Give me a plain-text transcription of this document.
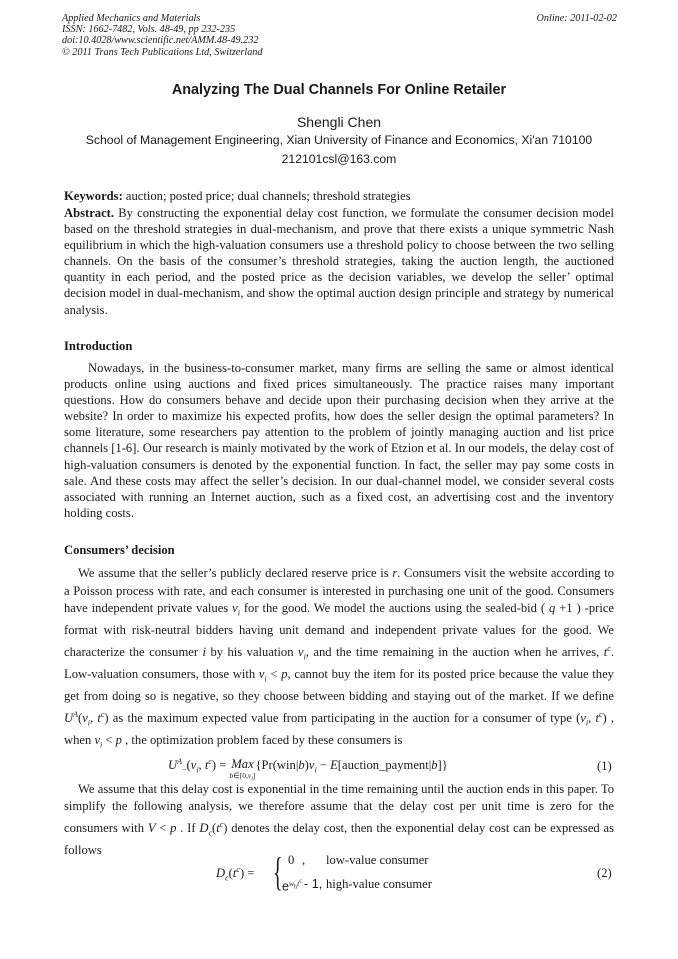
Applied Mechanics and Materials
ISSN: 1662-7482, Vols. 48-49, pp 232-235
doi:10.4028/www.scientific.net/AMM.48-49.232
© 2011 Trans Tech Publications Ltd, Switzerland
Online: 2011-02-02
Analyzing The Dual Channels For Online Retailer
Shengli Chen
School of Management Engineering, Xian University of Finance and Economics, Xi'an 710100
212101csl@163.com

Keywords: auction; posted price; dual channels; threshold strategies

Abstract. By constructing the exponential delay cost function, we formulate the consumer decision model based on the threshold strategies in dual-mechanism, and prove that there exists a unique symmetric Nash equilibrium in which the high-valuation consumers use a threshold policy to choose between the two selling channels. On the basis of the consumer’s threshold strategies, taking the auction length, the auctioned quantity in each period, and the posted price as the decision variables, we develop the seller’ optimal decision model in dual-mechanism, and show the optimal auction design principle and strategy by numerical analysis.

Introduction

Nowadays, in the business-to-consumer market, many firms are selling the same or almost identical products online using auctions and fixed prices simultaneously. The practice raises many important questions. How do consumers behave and decide upon their purchasing decision when they arrive at the website? In order to maximize his expected profits, how does the seller design the optimal parameters? In some literature, some researchers pay attention to the problem of jointly managing auction and list price channels [1-6]. Our research is mainly motivated by the work of Etzion et al. In our models, the delay cost of high-valuation consumers is denoted by the exponential function. In fact, the seller may pay some costs in sale. And these costs may affect the seller’s decision. In our dual-channel model, we consider several costs associated with running an Internet auction, such as a fixed cost, an advertising cost and the inventory holding costs.

Consumers’ decision

We assume that the seller’s publicly declared reserve price is r. Consumers visit the website according to a Poisson process with rate, and each consumer is interested in purchasing one unit of the good. Consumers have independent private values $v_i$ for the good. We model the auctions using the sealed-bid ( q +1 ) -price format with risk-neutral bidders having unit demand and independent private values for the good. We characterize the consumer i by his valuation $v_i$, and the time remaining in the auction when he arrives, $t^c$. Low-valuation consumers, those with $v_i < p$, cannot buy the item for its posted price because the value they get from doing so is negative, so they choose between bidding and staying out of the market. If we define $U^A(v_i$, $t^c$) as the maximum expected value from participating in the auction for a consumer of type ($v_i$, $t^c$) , when $v_i < p$ , the optimization problem faced by these consumers is

$U^A_-(v_i$, $t^c$) = Max
$^{b\in[0,v_i]}\{Pr(win|b)v_i$ − E[auction_payment|b]}	(1)

We assume that this delay cost is exponential in the time remaining until the auction ends in this paper. To simplify the following analysis, we therefore assume that the delay cost per unit time is zero for the consumers with V < p . If $D_c(t^c)$ denotes the delay cost, then the exponential delay cost can be expressed as follows

$D_c(t^c)$ = { 0 , low-value consumer
$e^{w_ht^c} - 1$, high-value consumer
(2)
